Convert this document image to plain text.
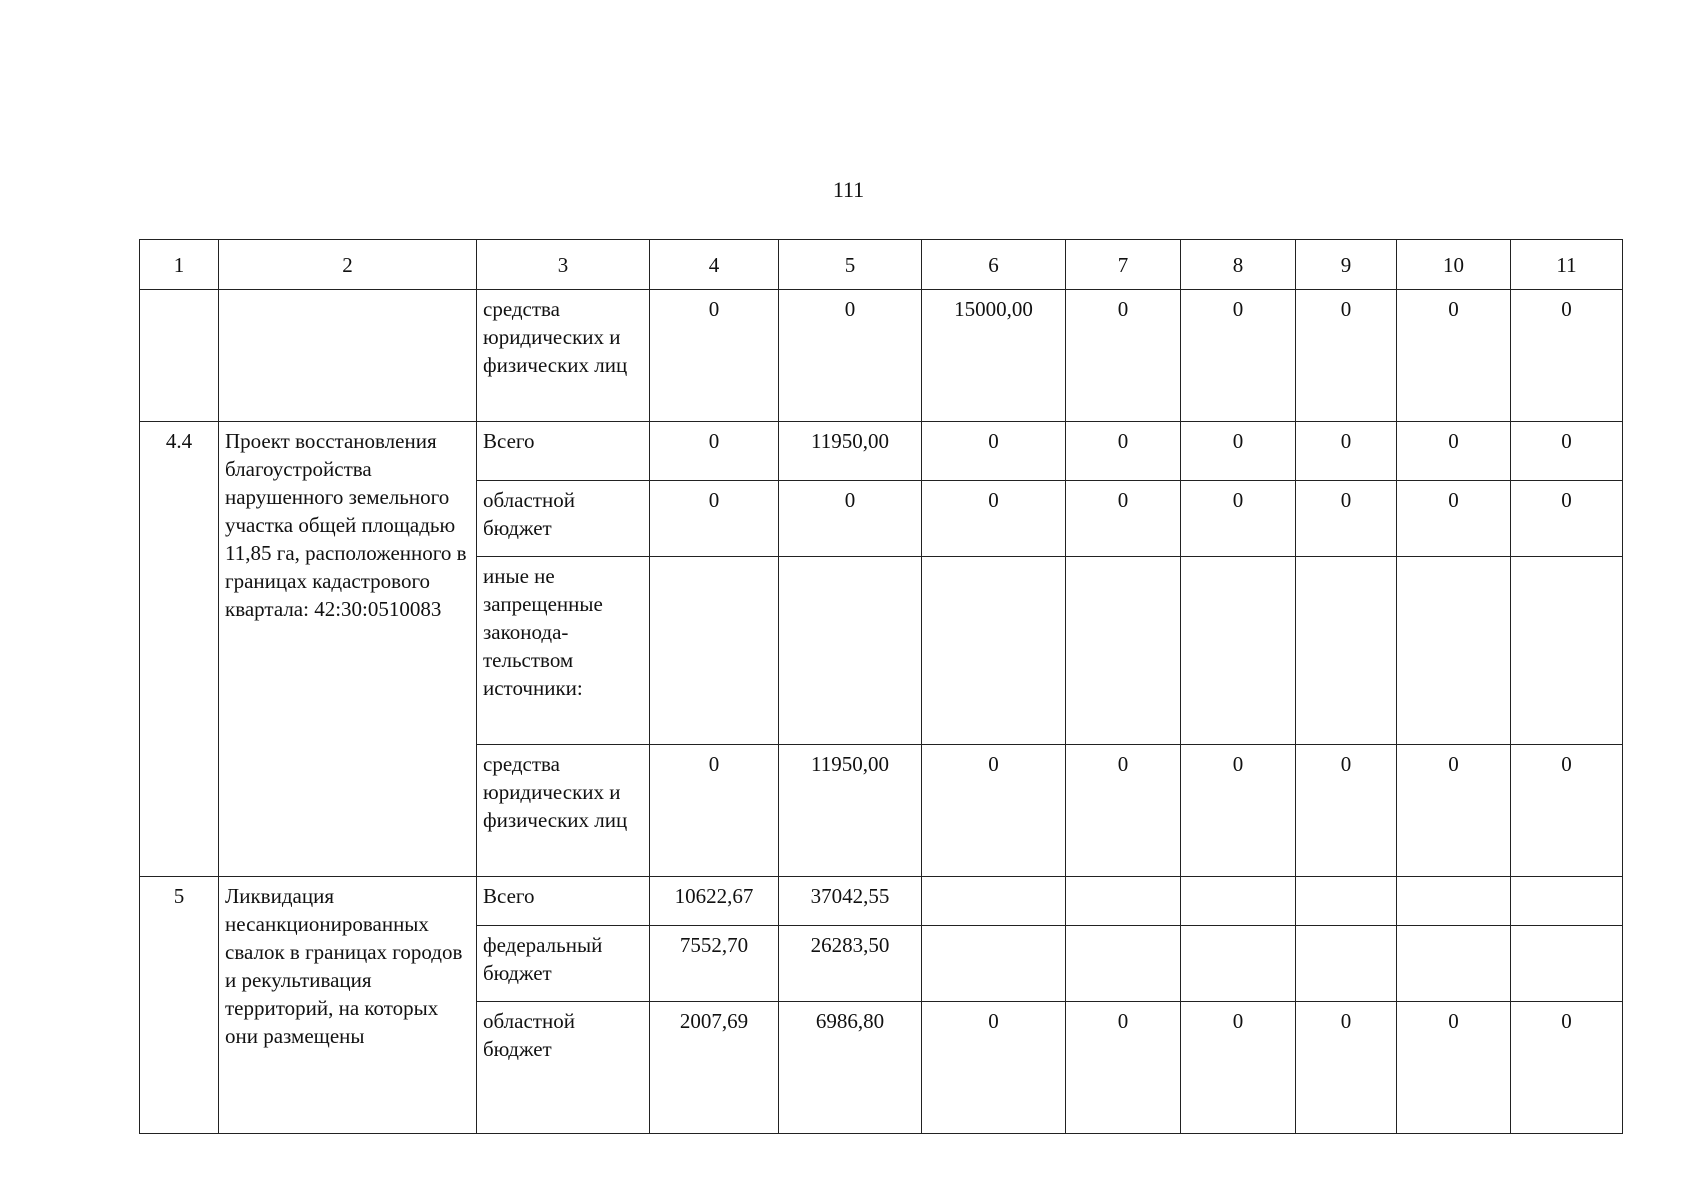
111
1	2	3	4	5	6	7	8	9	10	11
		средства юридических и физических лиц	0	0	15000,00	0	0	0	0	0
4.4	Проект восстановления благоустройства нарушенного земельного участка общей площадью 11,85 га, расположенного в границах кадастрового квартала: 42:30:0510083	Всего	0	11950,00	0	0	0	0	0	0
		областной бюджет	0	0	0	0	0	0	0	0
		иные не запрещенные законода-тельством источники:								
		средства юридических и физических лиц	0	11950,00	0	0	0	0	0	0
5	Ликвидация несанкционированных свалок в границах городов и рекультивация территорий, на которых они размещены	Всего	10622,67	37042,55						
		федеральный бюджет	7552,70	26283,50						
		областной бюджет	2007,69	6986,80	0	0	0	0	0	0
